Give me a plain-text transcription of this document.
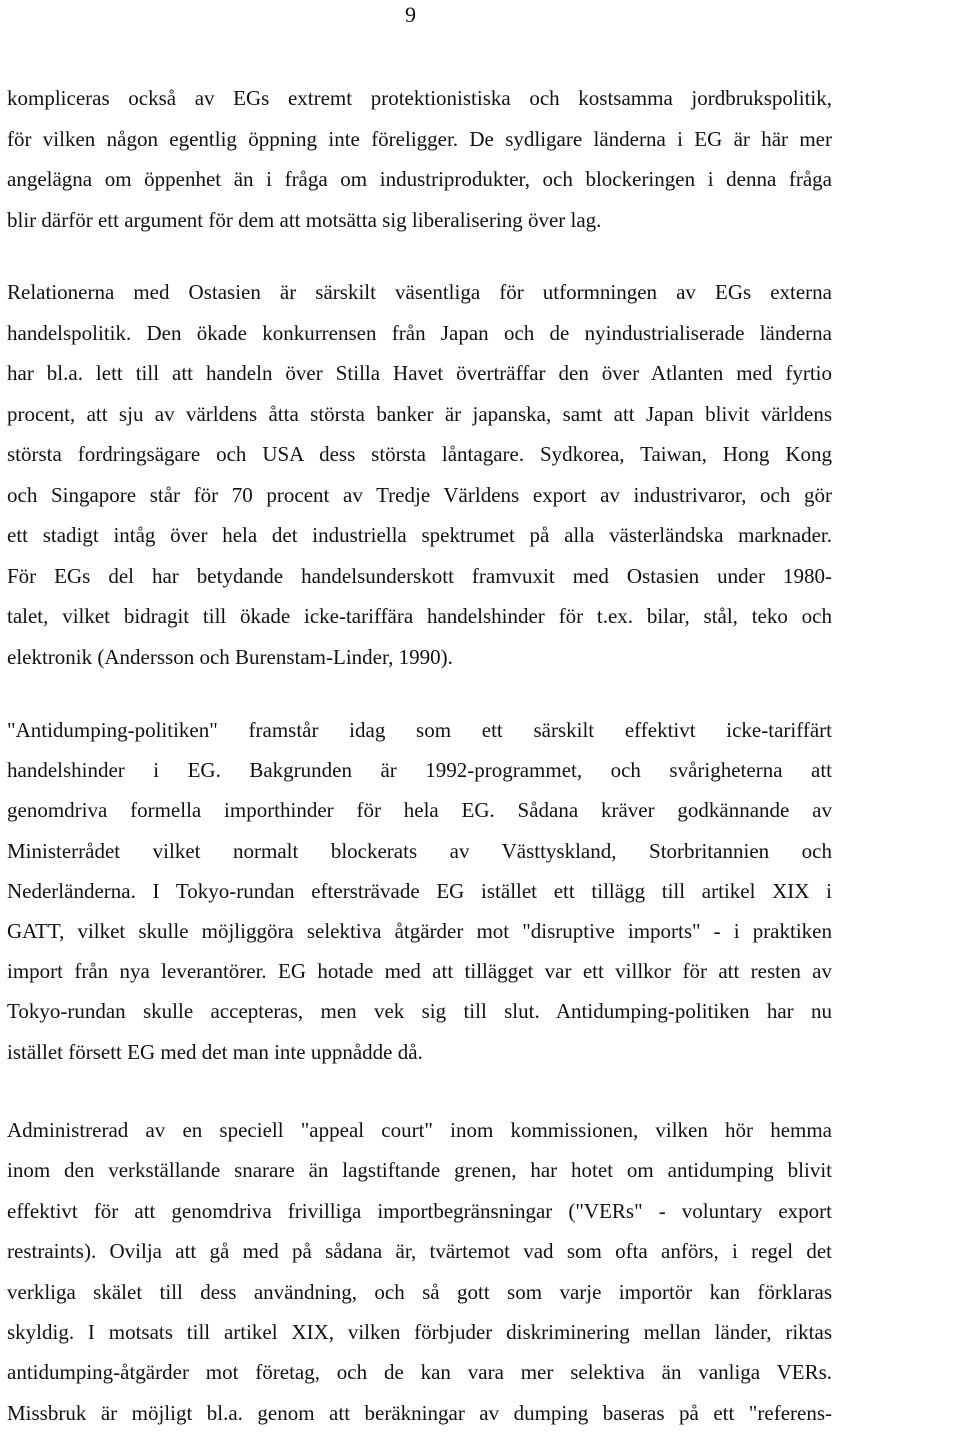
9
kompliceras också av EGs extremt protektionistiska och kostsamma jordbrukspolitik,
för vilken någon egentlig öppning inte föreligger. De sydligare länderna i EG är här mer
angelägna om öppenhet än i fråga om industriprodukter, och blockeringen i denna fråga
blir därför ett argument för dem att motsätta sig liberalisering över lag.
Relationerna med Ostasien är särskilt väsentliga för utformningen av EGs externa
handelspolitik. Den ökade konkurrensen från Japan och de nyindustrialiserade länderna
har bl.a. lett till att handeln över Stilla Havet överträffar den över Atlanten med fyrtio
procent, att sju av världens åtta största banker är japanska, samt att Japan blivit världens
största fordringsägare och USA dess största låntagare. Sydkorea, Taiwan, Hong Kong
och Singapore står för 70 procent av Tredje Världens export av industrivaror, och gör
ett stadigt intåg över hela det industriella spektrumet på alla västerländska marknader.
För EGs del har betydande handelsunderskott framvuxit med Ostasien under 1980-
talet, vilket bidragit till ökade icke-tariffära handelshinder för t.ex. bilar, stål, teko och
elektronik (Andersson och Burenstam-Linder, 1990).
"Antidumping-politiken" framstår idag som ett särskilt effektivt icke-tariffärt
handelshinder i EG. Bakgrunden är 1992-programmet, och svårigheterna att
genomdriva formella importhinder för hela EG. Sådana kräver godkännande av
Ministerrådet vilket normalt blockerats av Västtyskland, Storbritannien och
Nederländerna. I Tokyo-rundan eftersträvade EG istället ett tillägg till artikel XIX i
GATT, vilket skulle möjliggöra selektiva åtgärder mot "disruptive imports" - i praktiken
import från nya leverantörer. EG hotade med att tillägget var ett villkor för att resten av
Tokyo-rundan skulle accepteras, men vek sig till slut. Antidumping-politiken har nu
istället försett EG med det man inte uppnådde då.
Administrerad av en speciell "appeal court" inom kommissionen, vilken hör hemma
inom den verkställande snarare än lagstiftande grenen, har hotet om antidumping blivit
effektivt för att genomdriva frivilliga importbegränsningar ("VERs" - voluntary export
restraints). Ovilja att gå med på sådana är, tvärtemot vad som ofta anförs, i regel det
verkliga skälet till dess användning, och så gott som varje importör kan förklaras
skyldig. I motsats till artikel XIX, vilken förbjuder diskriminering mellan länder, riktas
antidumping-åtgärder mot företag, och de kan vara mer selektiva än vanliga VERs.
Missbruk är möjligt bl.a. genom att beräkningar av dumping baseras på ett "referens-
